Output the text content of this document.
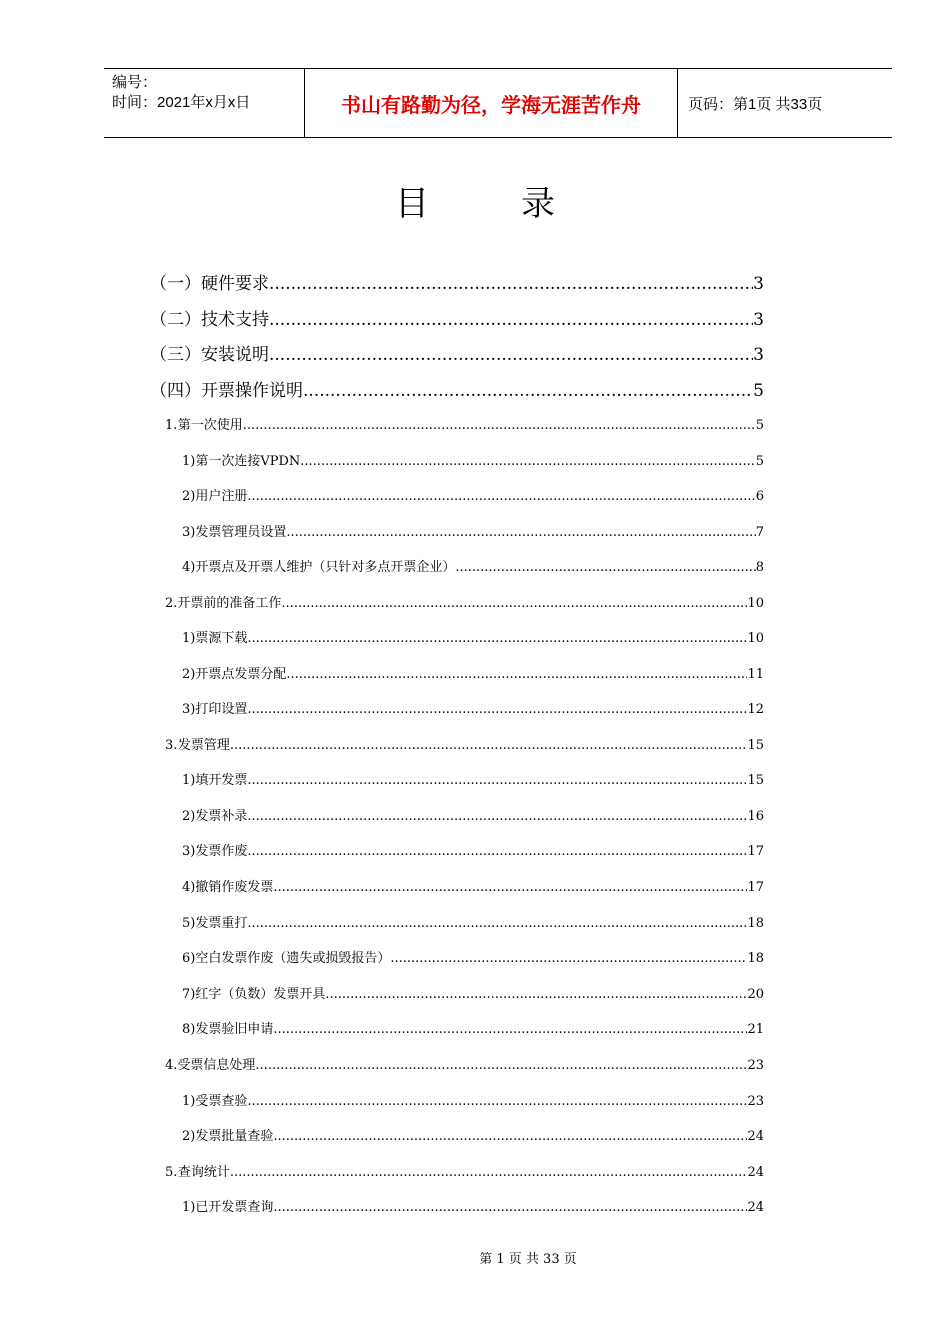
编号：
时间：2021年x月x日	书山有路勤为径，学海无涯苦作舟	页码：第1页 共33页
目	录
（一） 硬件要求 .....	3
（二） 技术支持 .....	3
（三） 安装说明 .....	3
（四） 开票操作说明 .....	5
1. 第一次使用 .....	5
1) 第一次连接VPDN .....	5
2) 用户注册 .....	6
3) 发票管理员设置 .....	7
4) 开票点及开票人维护（只针对多点开票企业） .....	8
2. 开票前的准备工作 .....	10
1) 票源下载 .....	10
2) 开票点发票分配 .....	11
3) 打印设置 .....	12
3. 发票管理 .....	15
1) 填开发票 .....	15
2) 发票补录 .....	16
3) 发票作废 .....	17
4) 撤销作废发票 .....	17
5) 发票重打 .....	18
6) 空白发票作废（遗失或损毁报告） .....	18
7) 红字（负数）发票开具 .....	20
8) 发票验旧申请 .....	21
4. 受票信息处理 .....	23
1) 受票查验 .....	23
2) 发票批量查验 .....	24
5. 查询统计 .....	24
1) 已开发票查询 .....	24
第 1 页 共 33 页
